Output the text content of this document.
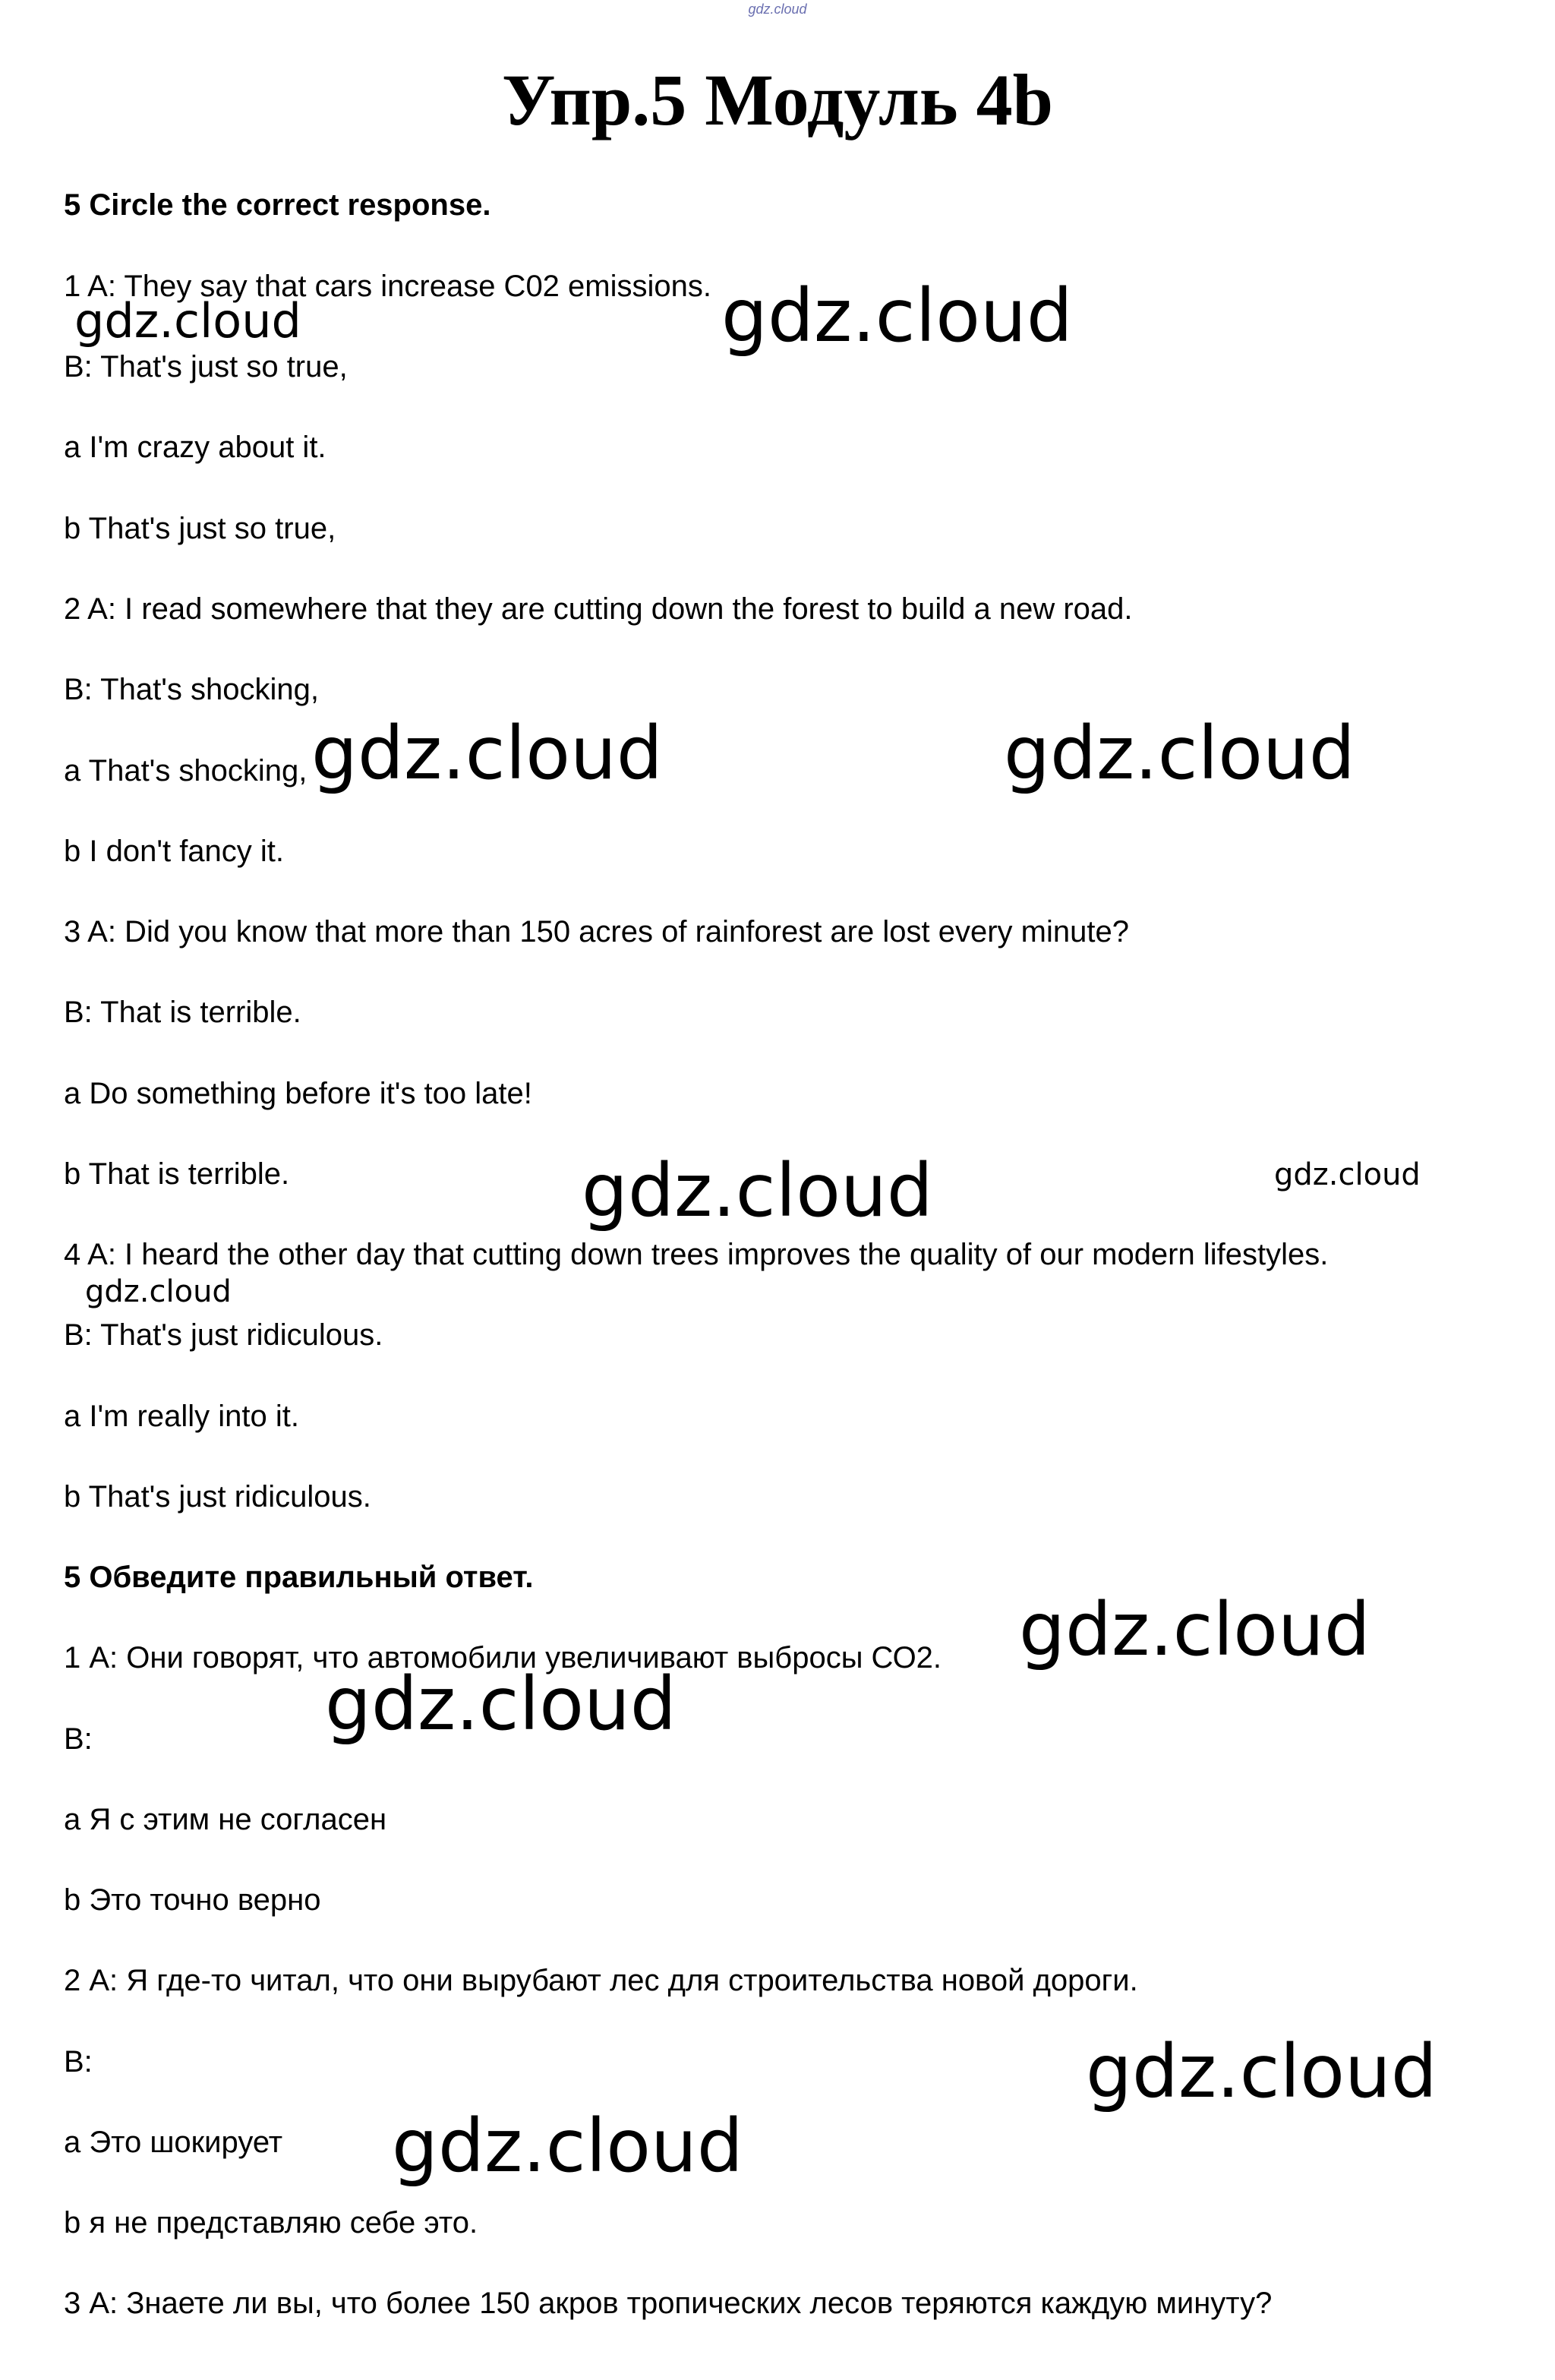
gdz.cloud
Упр.5 Модуль 4b
5 Circle the correct response.
1 A: They say that cars increase C02 emissions.
B: That's just so true,
a I'm crazy about it.
b That's just so true,
2 A: I read somewhere that they are cutting down the forest to build a new road.
B: That's shocking,
a That's shocking,
b I don't fancy it.
3 A: Did you know that more than 150 acres of rainforest are lost every minute?
B: That is terrible.
a Do something before it's too late!
b That is terrible.
4 A: I heard the other day that cutting down trees improves the quality of our modern lifestyles.
B: That's just ridiculous.
a I'm really into it.
b That's just ridiculous.
5 Обведите правильный ответ.
1 А: Они говорят, что автомобили увеличивают выбросы СО2.
В:
a Я с этим не согласен
b Это точно верно
2 А: Я где-то читал, что они вырубают лес для строительства новой дороги.
В:
а Это шокирует
b я не представляю себе это.
3 А: Знаете ли вы, что более 150 акров тропических лесов теряются каждую минуту?
gdz.cloud	gdz.cloud
gdz.cloud	gdz.cloud
gdz.cloud	gdz.cloud
gdz.cloud
gdz.cloud
gdz.cloud
gdz.cloud
gdz.cloud
